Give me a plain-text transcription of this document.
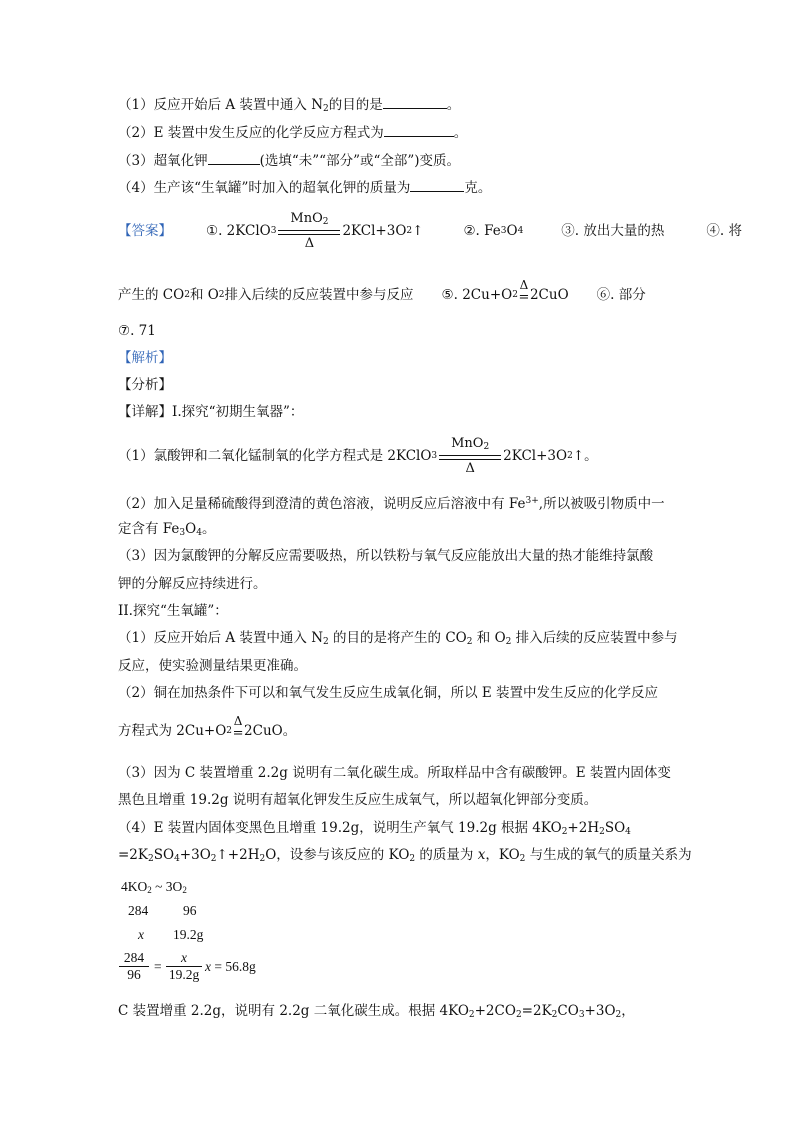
（1）反应开始后 A 装置中通入 $N_2$的目的是	。
（2）E 装置中发生反应的化学反应方程式为	。
（3）超氧化钾	(选填“未”“部分”或“全部”)变质。
（4）生产该“生氧罐”时加入的超氧化钾的质量为	克。
【答案】	①. 2KClO 3
MnO$_2$
Δ
2KCl+3O 2 ↑	②. Fe 3 O 4	③. 放出大量的热	④. 将
产生的 CO 2 和 O 2 排入后续的反应装置中参与反应 ⑤. 2Cu+O 2
Δ
= 2CuO ⑥. 部分
⑦. 71
【解析】
【分析】
【详解】I.探究“初期生氧器”：
（1）氯酸钾和二氧化锰制氧的化学方程式是 2KClO 3
MnO$_2$
Δ
2KCl+3O 2 ↑。
（2）加入足量稀硫酸得到澄清的黄色溶液，说明反应后溶液中有 $Fe^{3+}$,所以被吸引物质中一
定含有 $Fe_3O_4$。
（3）因为氯酸钾的分解反应需要吸热，所以铁粉与氧气反应能放出大量的热才能维持氯酸
钾的分解反应持续进行。
II.探究“生氧罐”：
（1）反应开始后 A 装置中通入 $N_2$ 的目的是将产生的 $CO_2$ 和 $O_2$ 排入后续的反应装置中参与
反应，使实验测量结果更准确。
（2）铜在加热条件下可以和氧气发生反应生成氧化铜，所以 E 装置中发生反应的化学反应
方程式为 2Cu+O 2
Δ
= 2CuO。
（3）因为 C 装置增重 2.2g 说明有二氧化碳生成。所取样品中含有碳酸钾。E 装置内固体变
黑色且增重 19.2g 说明有超氧化钾发生反应生成氧气，所以超氧化钾部分变质。
（4）E 装置内固体变黑色且增重 19.2g，说明生产氧气 19.2g 根据 $4KO_2+2H_2SO_4$
$=2K_2SO_4+3O_2↑+2H_2O$，设参与该反应的 $KO_2$ 的质量为 x，$KO_2$ 与生成的氧气的质量关系为
$4KO_2$ ~ $3O_2$
284	96
x 19.2g
284
96
=
x
19.2g
x = 56.8g
C 装置增重 2.2g，说明有 2.2g 二氧化碳生成。根据 $4KO_2+2CO_2=2K_2CO_3+3O_2$，
